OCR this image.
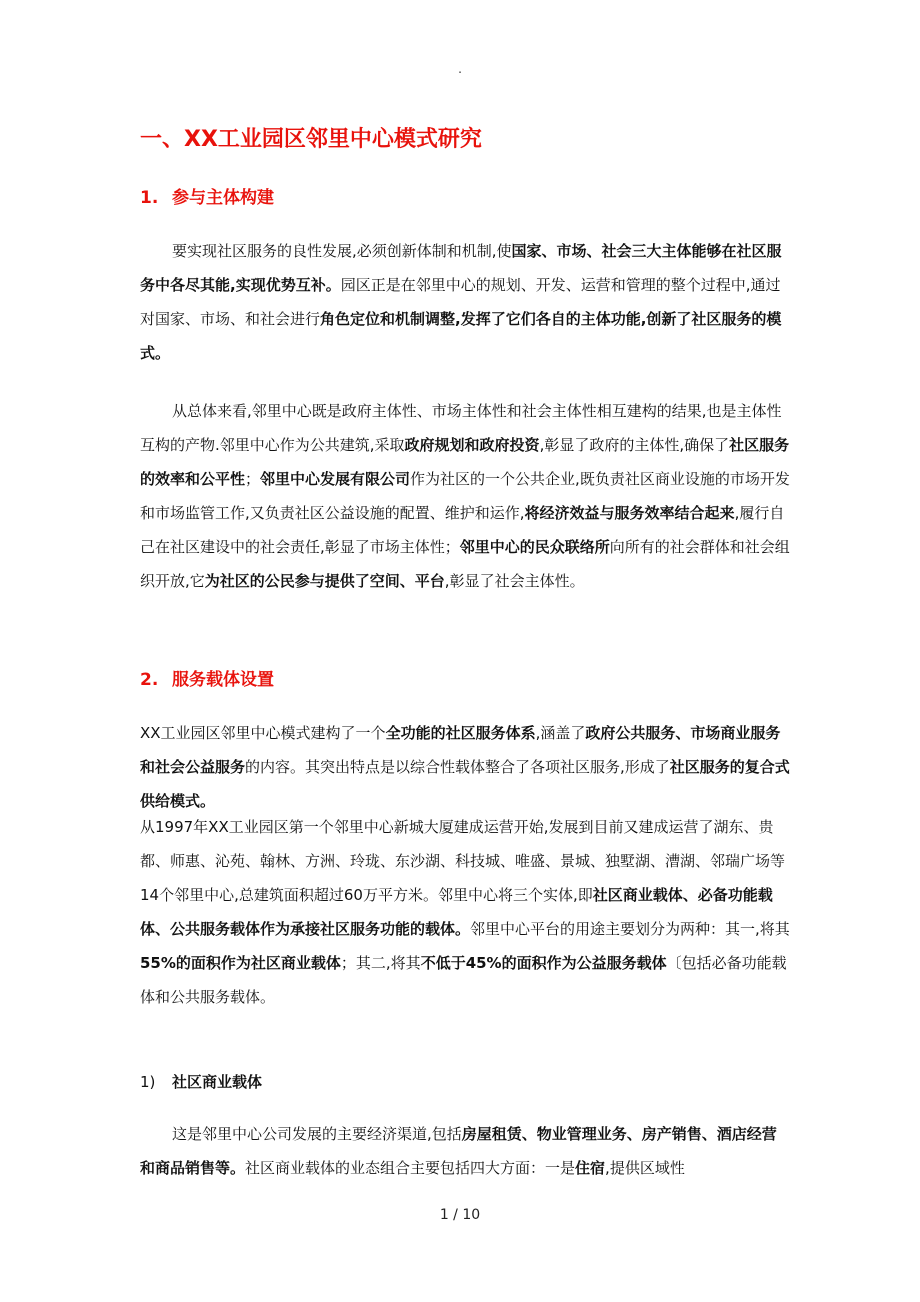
.
一、XX工业园区邻里中心模式研究
1. 参与主体构建
要实现社区服务的良性发展,必须创新体制和机制,使国家、市场、社会三大主体能够在社区服务中各尽其能,实现优势互补。园区正是在邻里中心的规划、开发、运营和管理的整个过程中,通过对国家、市场、和社会进行角色定位和机制调整,发挥了它们各自的主体功能,创新了社区服务的模式。
从总体来看,邻里中心既是政府主体性、市场主体性和社会主体性相互建构的结果,也是主体性互构的产物.邻里中心作为公共建筑,采取政府规划和政府投资,彰显了政府的主体性,确保了社区服务的效率和公平性；邻里中心发展有限公司作为社区的一个公共企业,既负责社区商业设施的市场开发和市场监管工作,又负责社区公益设施的配置、维护和运作,将经济效益与服务效率结合起来,履行自己在社区建设中的社会责任,彰显了市场主体性；邻里中心的民众联络所向所有的社会群体和社会组织开放,它为社区的公民参与提供了空间、平台,彰显了社会主体性。
2. 服务载体设置
XX工业园区邻里中心模式建构了一个全功能的社区服务体系,涵盖了政府公共服务、市场商业服务和社会公益服务的内容。其突出特点是以综合性载体整合了各项社区服务,形成了社区服务的复合式供给模式。
从1997年XX工业园区第一个邻里中心新城大厦建成运营开始,发展到目前又建成运营了湖东、贵都、师惠、沁苑、翰林、方洲、玲珑、东沙湖、科技城、唯盛、景城、独墅湖、漕湖、邻瑞广场等14个邻里中心,总建筑面积超过60万平方米。邻里中心将三个实体,即社区商业载体、必备功能载体、公共服务载体作为承接社区服务功能的载体。邻里中心平台的用途主要划分为两种：其一,将其55%的面积作为社区商业载体；其二,将其不低于45%的面积作为公益服务载体〔包括必备功能载体和公共服务载体。
1) 社区商业载体
这是邻里中心公司发展的主要经济渠道,包括房屋租赁、物业管理业务、房产销售、酒店经营和商品销售等。社区商业载体的业态组合主要包括四大方面：一是住宿,提供区域性
1 / 10
